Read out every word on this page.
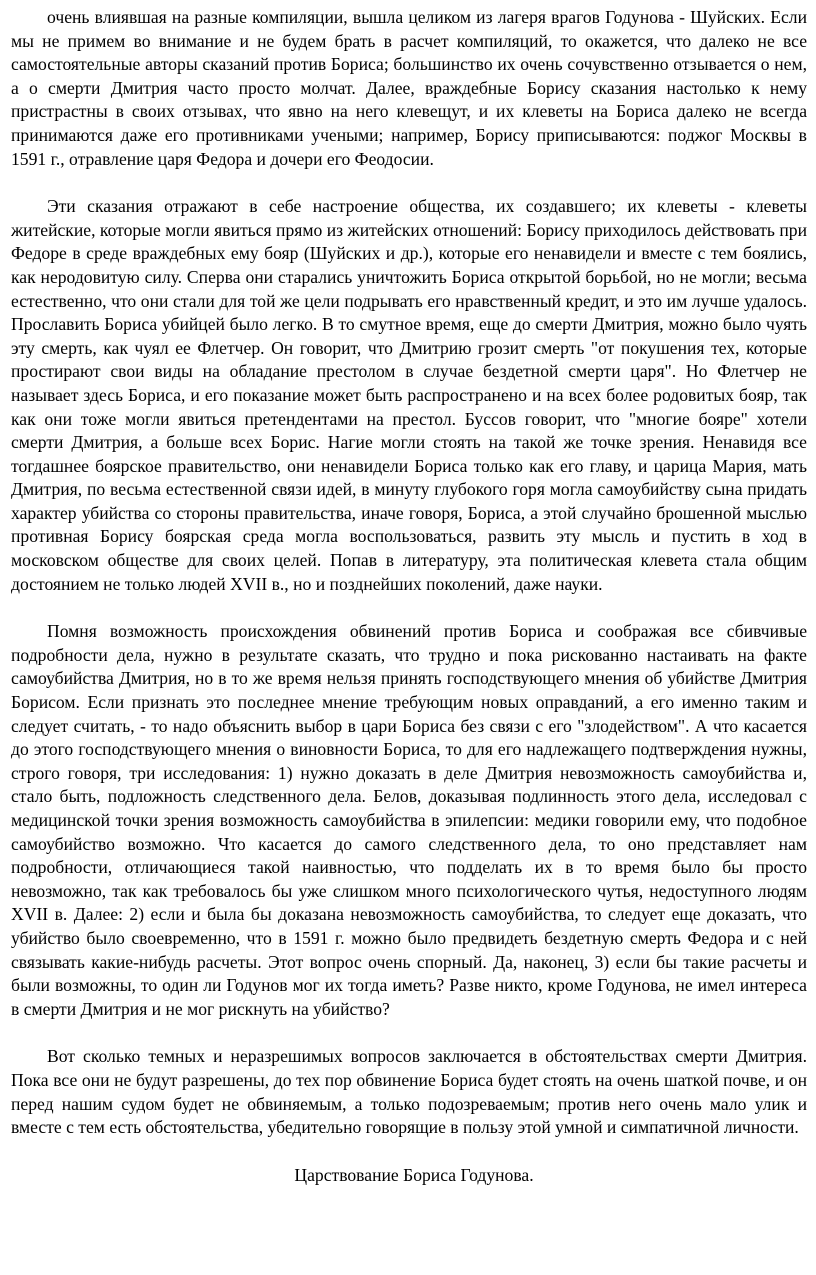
очень влиявшая на разные компиляции, вышла целиком из лагеря врагов Годунова - Шуйских. Если мы не примем во внимание и не будем брать в расчет компиляций, то окажется, что далеко не все самостоятельные авторы сказаний против Бориса; большинство их очень сочувственно отзывается о нем, а о смерти Дмитрия часто просто молчат. Далее, враждебные Борису сказания настолько к нему пристрастны в своих отзывах, что явно на него клевещут, и их клеветы на Бориса далеко не всегда принимаются даже его противниками учеными; например, Борису приписываются: поджог Москвы в 1591 г., отравление царя Федора и дочери его Феодосии.

Эти сказания отражают в себе настроение общества, их создавшего; их клеветы - клеветы житейские, которые могли явиться прямо из житейских отношений: Борису приходилось действовать при Федоре в среде враждебных ему бояр (Шуйских и др.), которые его ненавидели и вместе с тем боялись, как неродовитую силу. Сперва они старались уничтожить Бориса открытой борьбой, но не могли; весьма естественно, что они стали для той же цели подрывать его нравственный кредит, и это им лучше удалось. Прославить Бориса убийцей было легко. В то смутное время, еще до смерти Дмитрия, можно было чуять эту смерть, как чуял ее Флетчер. Он говорит, что Дмитрию грозит смерть "от покушения тех, которые простирают свои виды на обладание престолом в случае бездетной смерти царя". Но Флетчер не называет здесь Бориса, и его показание может быть распространено и на всех более родовитых бояр, так как они тоже могли явиться претендентами на престол. Буссов говорит, что "многие бояре" хотели смерти Дмитрия, а больше всех Борис. Нагие могли стоять на такой же точке зрения. Ненавидя все тогдашнее боярское правительство, они ненавидели Бориса только как его главу, и царица Мария, мать Дмитрия, по весьма естественной связи идей, в минуту глубокого горя могла самоубийству сына придать характер убийства со стороны правительства, иначе говоря, Бориса, а этой случайно брошенной мыслью противная Борису боярская среда могла воспользоваться, развить эту мысль и пустить в ход в московском обществе для своих целей. Попав в литературу, эта политическая клевета стала общим достоянием не только людей XVII в., но и позднейших поколений, даже науки.

Помня возможность происхождения обвинений против Бориса и соображая все сбивчивые подробности дела, нужно в результате сказать, что трудно и пока рискованно настаивать на факте самоубийства Дмитрия, но в то же время нельзя принять господствующего мнения об убийстве Дмитрия Борисом. Если признать это последнее мнение требующим новых оправданий, а его именно таким и следует считать, - то надо объяснить выбор в цари Бориса без связи с его "злодейством". А что касается до этого господствующего мнения о виновности Бориса, то для его надлежащего подтверждения нужны, строго говоря, три исследования: 1) нужно доказать в деле Дмитрия невозможность самоубийства и, стало быть, подложность следственного дела. Белов, доказывая подлинность этого дела, исследовал с медицинской точки зрения возможность самоубийства в эпилепсии: медики говорили ему, что подобное самоубийство возможно. Что касается до самого следственного дела, то оно представляет нам подробности, отличающиеся такой наивностью, что подделать их в то время было бы просто невозможно, так как требовалось бы уже слишком много психологического чутья, недоступного людям XVII в. Далее: 2) если и была бы доказана невозможность самоубийства, то следует еще доказать, что убийство было своевременно, что в 1591 г. можно было предвидеть бездетную смерть Федора и с ней связывать какие-нибудь расчеты. Этот вопрос очень спорный. Да, наконец, 3) если бы такие расчеты и были возможны, то один ли Годунов мог их тогда иметь? Разве никто, кроме Годунова, не имел интереса в смерти Дмитрия и не мог рискнуть на убийство?

Вот сколько темных и неразрешимых вопросов заключается в обстоятельствах смерти Дмитрия. Пока все они не будут разрешены, до тех пор обвинение Бориса будет стоять на очень шаткой почве, и он перед нашим судом будет не обвиняемым, а только подозреваемым; против него очень мало улик и вместе с тем есть обстоятельства, убедительно говорящие в пользу этой умной и симпатичной личности.

Царствование Бориса Годунова.
